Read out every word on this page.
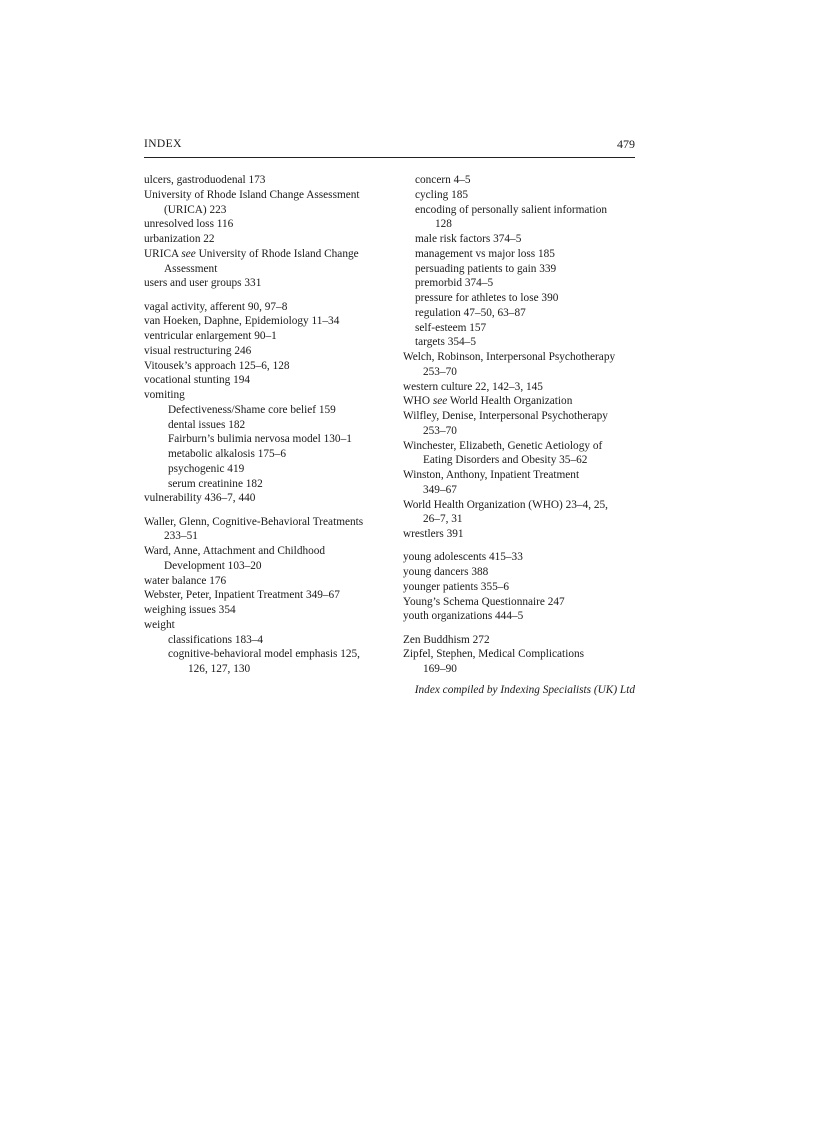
INDEX	479
ulcers, gastroduodenal 173
University of Rhode Island Change Assessment
(URICA) 223
unresolved loss 116
urbanization 22
URICA see University of Rhode Island Change
Assessment
users and user groups 331
vagal activity, afferent 90, 97–8
van Hoeken, Daphne, Epidemiology 11–34
ventricular enlargement 90–1
visual restructuring 246
Vitousek’s approach 125–6, 128
vocational stunting 194
vomiting
Defectiveness/Shame core belief 159
dental issues 182
Fairburn’s bulimia nervosa model 130–1
metabolic alkalosis 175–6
psychogenic 419
serum creatinine 182
vulnerability 436–7, 440
Waller, Glenn, Cognitive-Behavioral Treatments
233–51
Ward, Anne, Attachment and Childhood
Development 103–20
water balance 176
Webster, Peter, Inpatient Treatment 349–67
weighing issues 354
weight
classifications 183–4
cognitive-behavioral model emphasis 125,
126, 127, 130
concern 4–5
cycling 185
encoding of personally salient information
128
male risk factors 374–5
management vs major loss 185
persuading patients to gain 339
premorbid 374–5
pressure for athletes to lose 390
regulation 47–50, 63–87
self-esteem 157
targets 354–5
Welch, Robinson, Interpersonal Psychotherapy
253–70
western culture 22, 142–3, 145
WHO see World Health Organization
Wilfley, Denise, Interpersonal Psychotherapy
253–70
Winchester, Elizabeth, Genetic Aetiology of
Eating Disorders and Obesity 35–62
Winston, Anthony, Inpatient Treatment
349–67
World Health Organization (WHO) 23–4, 25,
26–7, 31
wrestlers 391
young adolescents 415–33
young dancers 388
younger patients 355–6
Young’s Schema Questionnaire 247
youth organizations 444–5
Zen Buddhism 272
Zipfel, Stephen, Medical Complications
169–90
Index compiled by Indexing Specialists (UK) Ltd
